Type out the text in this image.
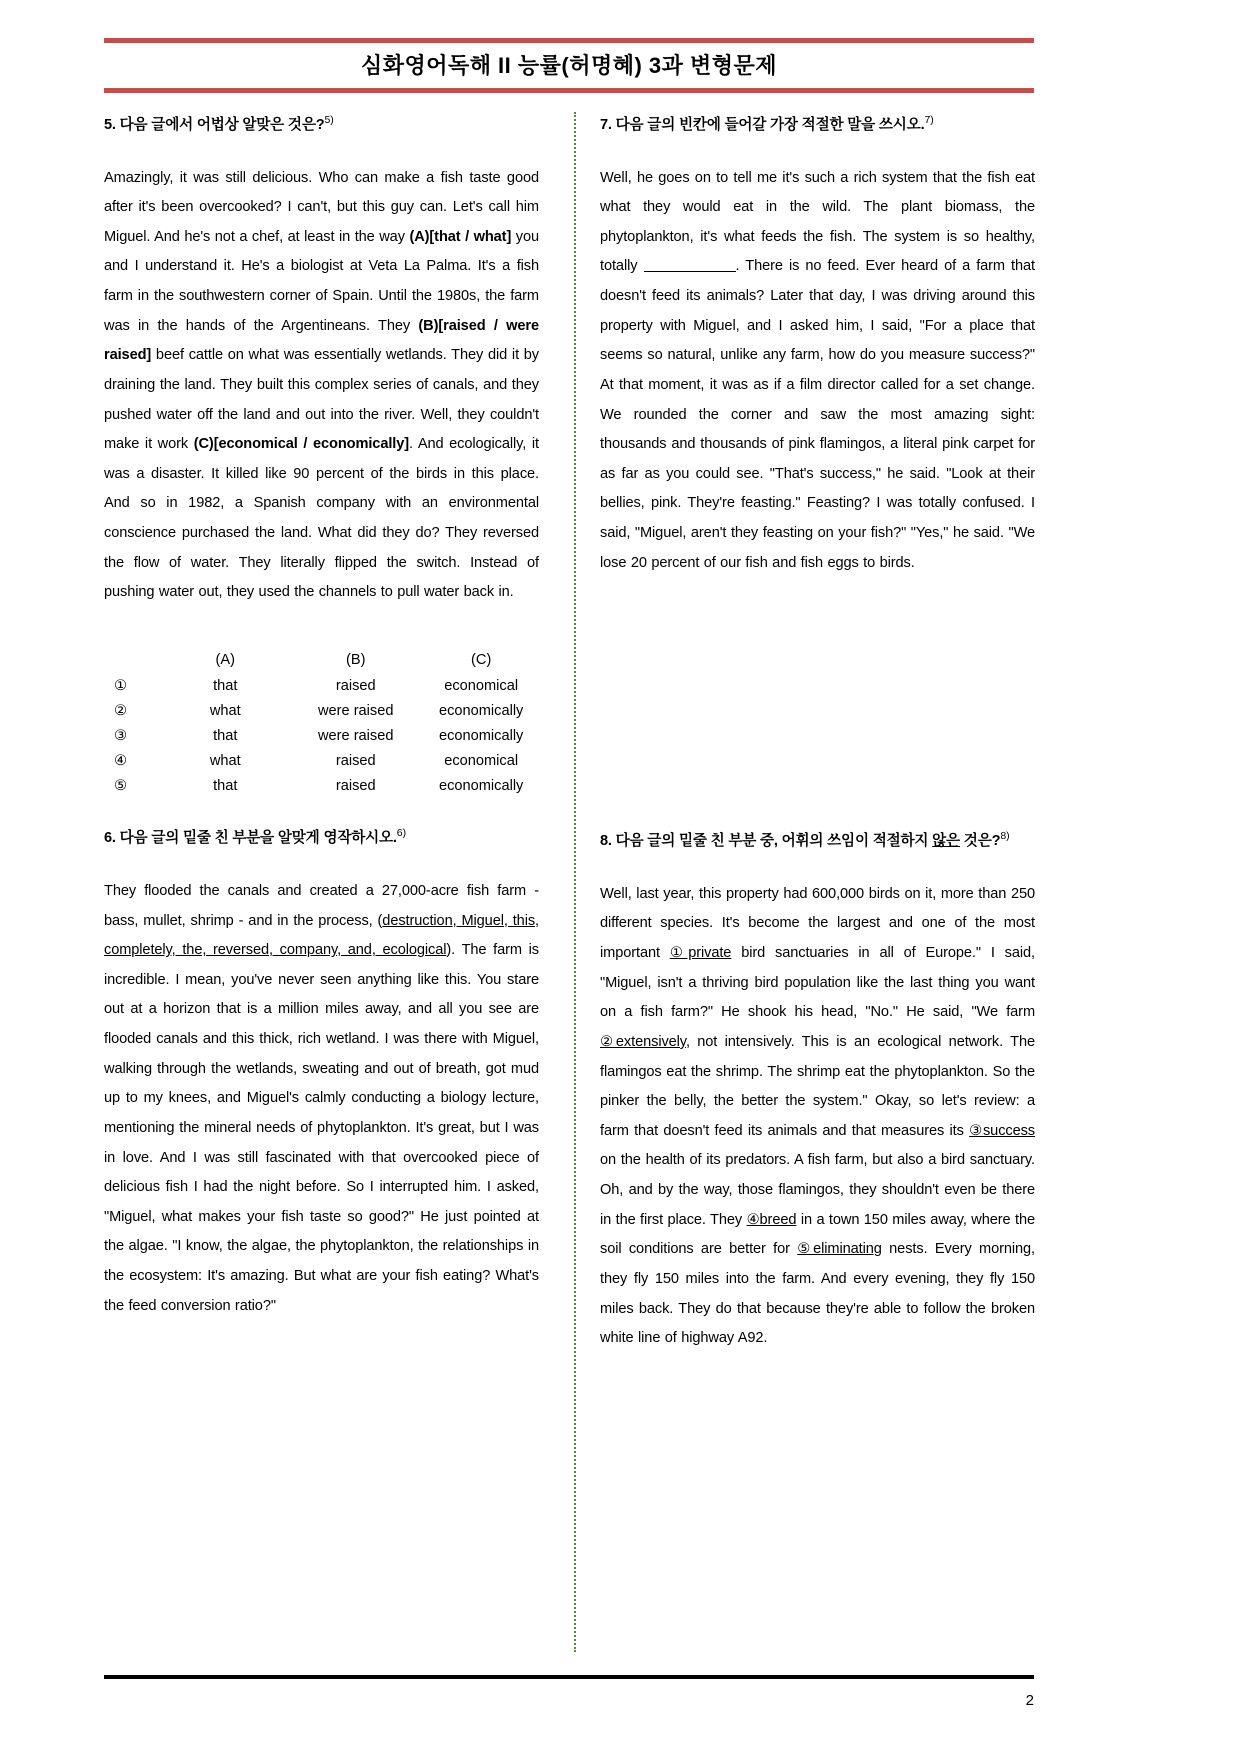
심화영어독해 II 능률(허명혜) 3과 변형문제
5. 다음 글에서 어법상 알맞은 것은?$^{5)}$
Amazingly, it was still delicious. Who can make a fish taste good after it's been overcooked? I can't, but this guy can. Let's call him Miguel. And he's not a chef, at least in the way (A)[that / what] you and I understand it. He's a biologist at Veta La Palma. It's a fish farm in the southwestern corner of Spain. Until the 1980s, the farm was in the hands of the Argentineans. They (B)[raised / were raised] beef cattle on what was essentially wetlands. They did it by draining the land. They built this complex series of canals, and they pushed water off the land and out into the river. Well, they couldn't make it work (C)[economical / economically]. And ecologically, it was a disaster. It killed like 90 percent of the birds in this place. And so in 1982, a Spanish company with an environmental conscience purchased the land. What did they do? They reversed the flow of water. They literally flipped the switch. Instead of pushing water out, they used the channels to pull water back in.
	(A)	(B)	(C)
①	that	raised	economical
②	what	were raised	economically
③	that	were raised	economically
④	what	raised	economical
⑤	that	raised	economically
6. 다음 글의 밑줄 친 부분을 알맞게 영작하시오.$^{6)}$
They flooded the canals and created a 27,000-acre fish farm - bass, mullet, shrimp - and in the process, (destruction, Miguel, this, completely, the, reversed, company, and, ecological). The farm is incredible. I mean, you've never seen anything like this. You stare out at a horizon that is a million miles away, and all you see are flooded canals and this thick, rich wetland. I was there with Miguel, walking through the wetlands, sweating and out of breath, got mud up to my knees, and Miguel's calmly conducting a biology lecture, mentioning the mineral needs of phytoplankton. It's great, but I was in love. And I was still fascinated with that overcooked piece of delicious fish I had the night before. So I interrupted him. I asked, "Miguel, what makes your fish taste so good?" He just pointed at the algae. "I know, the algae, the phytoplankton, the relationships in the ecosystem: It's amazing. But what are your fish eating? What's the feed conversion ratio?"
7. 다음 글의 빈칸에 들어갈 가장 적절한 말을 쓰시오.$^{7)}$
Well, he goes on to tell me it's such a rich system that the fish eat what they would eat in the wild. The plant biomass, the phytoplankton, it's what feeds the fish. The system is so healthy, totally	. There is no feed. Ever heard of a farm that doesn't feed its animals? Later that day, I was driving around this property with Miguel, and I asked him, I said, "For a place that seems so natural, unlike any farm, how do you measure success?" At that moment, it was as if a film director called for a set change. We rounded the corner and saw the most amazing sight: thousands and thousands of pink flamingos, a literal pink carpet for as far as you could see. "That's success," he said. "Look at their bellies, pink. They're feasting." Feasting? I was totally confused. I said, "Miguel, aren't they feasting on your fish?" "Yes," he said. "We lose 20 percent of our fish and fish eggs to birds.
8. 다음 글의 밑줄 친 부분 중, 어휘의 쓰임이 적절하지 않은 것은?$^{8)}$
Well, last year, this property had 600,000 birds on it, more than 250 different species. It's become the largest and one of the most important ①private bird sanctuaries in all of Europe." I said, "Miguel, isn't a thriving bird population like the last thing you want on a fish farm?" He shook his head, "No." He said, "We farm ②extensively, not intensively. This is an ecological network. The flamingos eat the shrimp. The shrimp eat the phytoplankton. So the pinker the belly, the better the system." Okay, so let's review: a farm that doesn't feed its animals and that measures its ③success on the health of its predators. A fish farm, but also a bird sanctuary. Oh, and by the way, those flamingos, they shouldn't even be there in the first place. They ④breed in a town 150 miles away, where the soil conditions are better for ⑤eliminating nests. Every morning, they fly 150 miles into the farm. And every evening, they fly 150 miles back. They do that because they're able to follow the broken white line of highway A92.
2
